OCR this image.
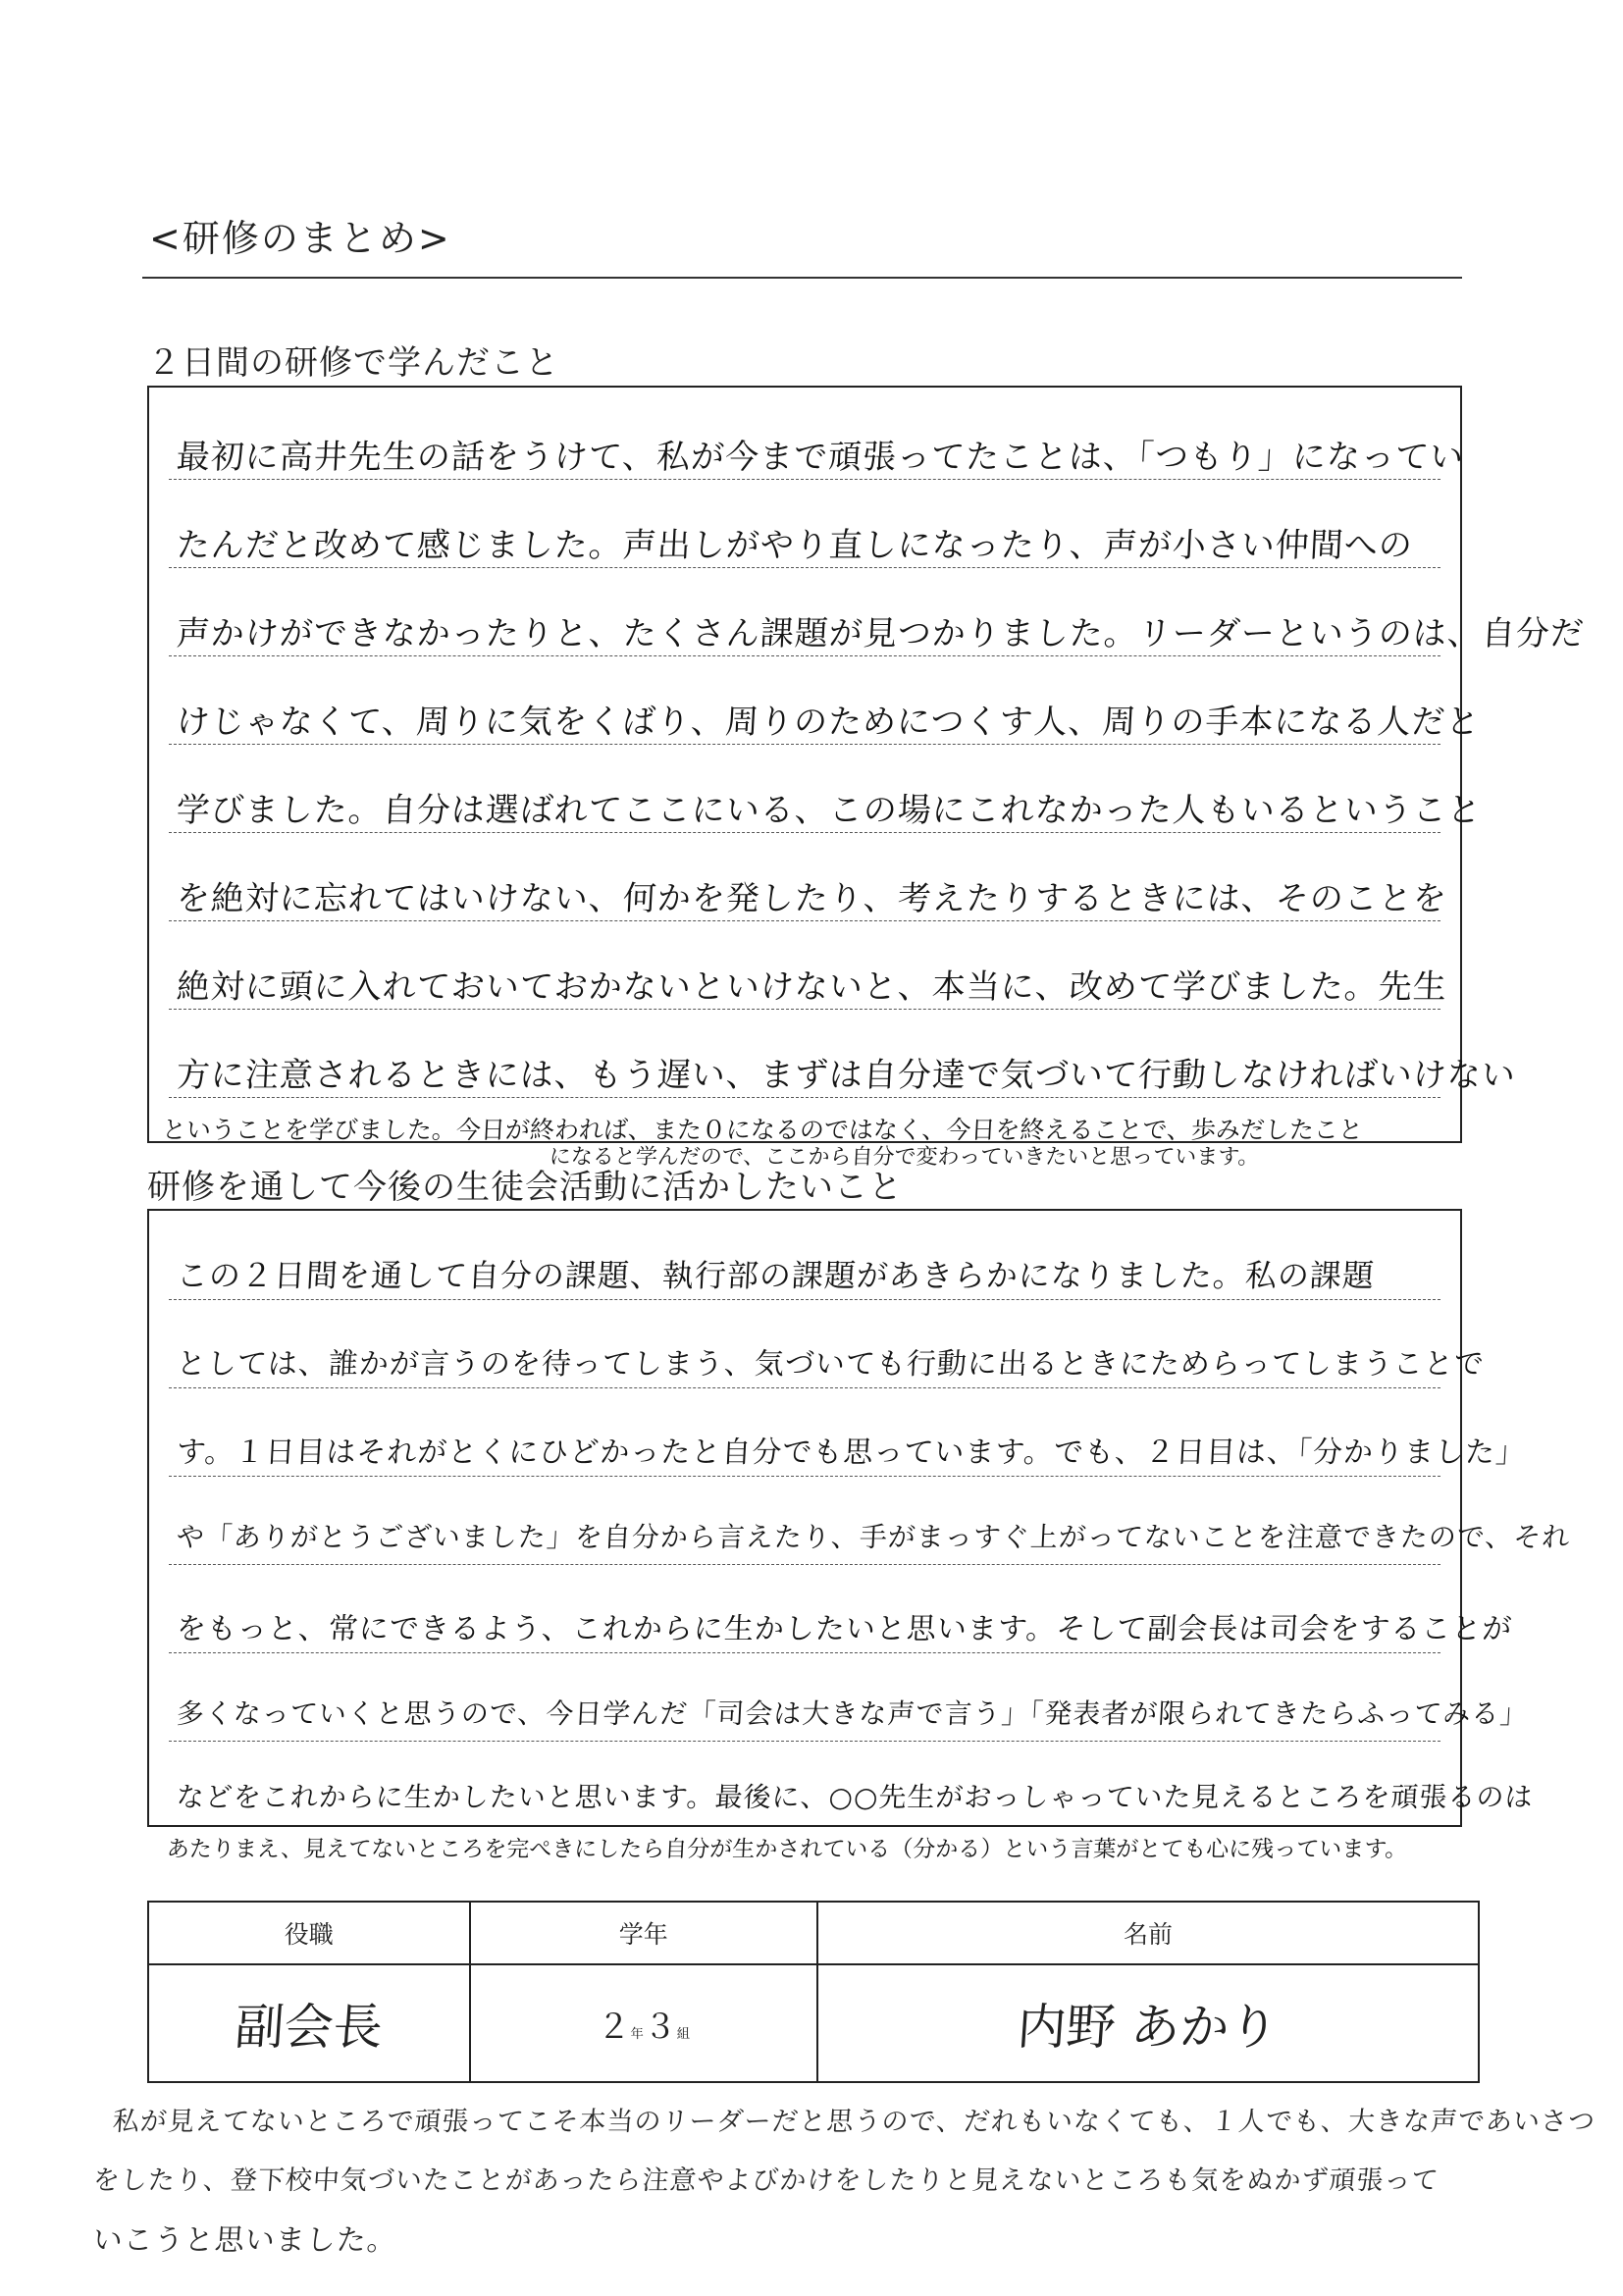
<研修のまとめ>
２日間の研修で学んだこと
最初に高井先生の話をうけて、私が今まで頑張ってたことは、「つもり」になってい
たんだと改めて感じました。声出しがやり直しになったり、声が小さい仲間への
声かけができなかったりと、たくさん課題が見つかりました。リーダーというのは、自分だ
けじゃなくて、周りに気をくばり、周りのためにつくす人、周りの手本になる人だと
学びました。自分は選ばれてここにいる、この場にこれなかった人もいるということ
を絶対に忘れてはいけない、何かを発したり、考えたりするときには、そのことを
絶対に頭に入れておいておかないといけないと、本当に、改めて学びました。先生
方に注意されるときには、もう遅い、まずは自分達で気づいて行動しなければいけない
ということを学びました。今日が終われば、また０になるのではなく、今日を終えることで、歩みだしたこと
になると学んだので、ここから自分で変わっていきたいと思っています。
研修を通して今後の生徒会活動に活かしたいこと
この２日間を通して自分の課題、執行部の課題があきらかになりました。私の課題
としては、誰かが言うのを待ってしまう、気づいても行動に出るときにためらってしまうことで
す。１日目はそれがとくにひどかったと自分でも思っています。でも、２日目は、「分かりました」
や「ありがとうございました」を自分から言えたり、手がまっすぐ上がってないことを注意できたので、それ
をもっと、常にできるよう、これからに生かしたいと思います。そして副会長は司会をすることが
多くなっていくと思うので、今日学んだ「司会は大きな声で言う」「発表者が限られてきたらふってみる」
などをこれからに生かしたいと思います。最後に、○○先生がおっしゃっていた見えるところを頑張るのは
あたりまえ、見えてないところを完ぺきにしたら自分が生かされている（分かる）という言葉がとても心に残っています。
役職	学年	名前
副会長	２年３組	内野 あかり
私が見えてないところで頑張ってこそ本当のリーダーだと思うので、だれもいなくても、１人でも、大きな声であいさつ
をしたり、登下校中気づいたことがあったら注意やよびかけをしたりと見えないところも気をぬかず頑張って
いこうと思いました。
